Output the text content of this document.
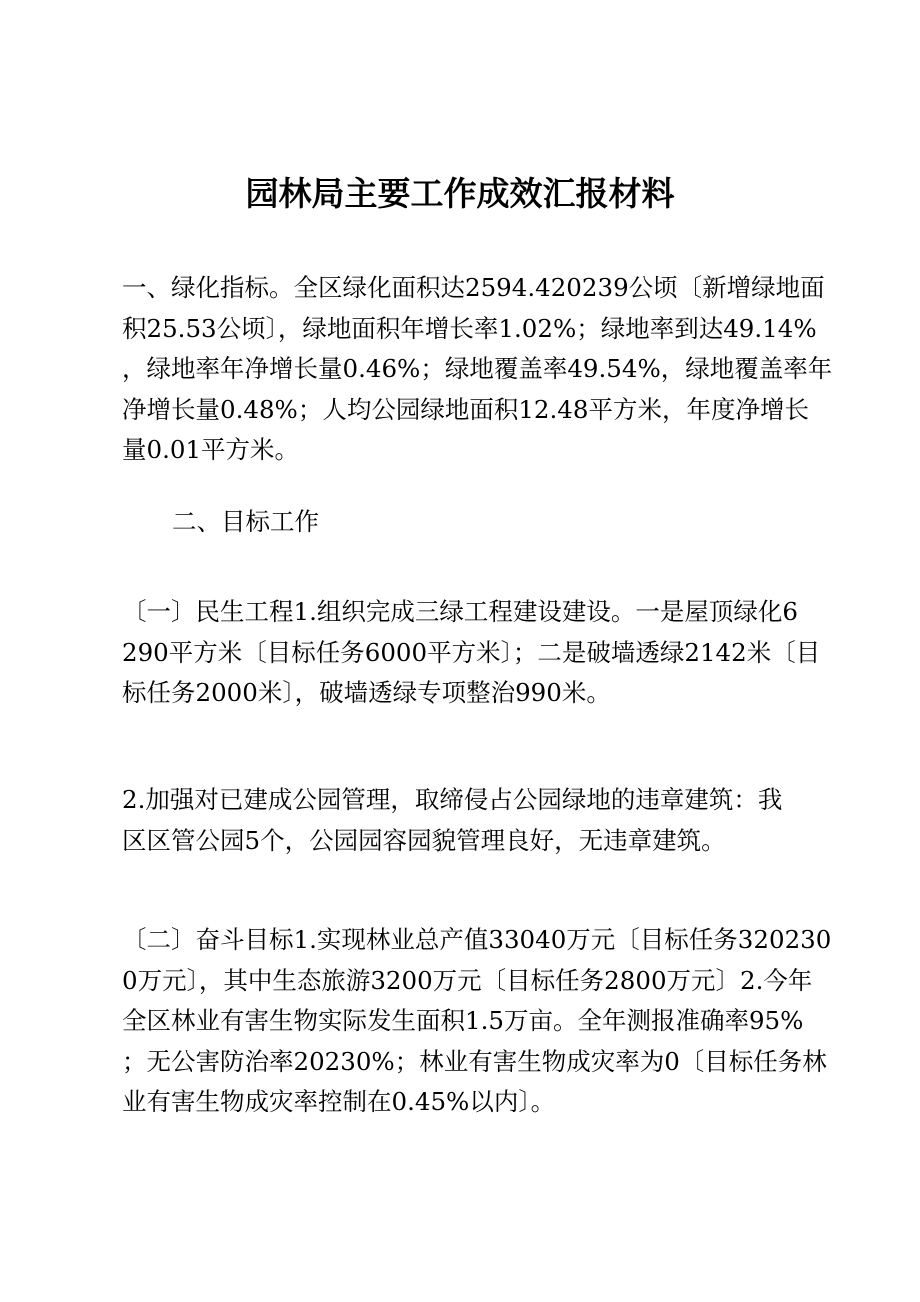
园林局主要工作成效汇报材料
一、绿化指标。全区绿化面积达2594.420239公顷〔新增绿地面
积25.53公顷〕，绿地面积年增长率1.02%；绿地率到达49.14%
，绿地率年净增长量0.46%；绿地覆盖率49.54%，绿地覆盖率年
净增长量0.48%；人均公园绿地面积12.48平方米，年度净增长
量0.01平方米。
二、目标工作
〔一〕民生工程1.组织完成三绿工程建设建设。一是屋顶绿化6
290平方米〔目标任务6000平方米〕；二是破墙透绿2142米〔目
标任务2000米〕，破墙透绿专项整治990米。
2.加强对已建成公园管理，取缔侵占公园绿地的违章建筑：我
区区管公园5个，公园园容园貌管理良好，无违章建筑。
〔二〕奋斗目标1.实现林业总产值33040万元〔目标任务320230
0万元〕，其中生态旅游3200万元〔目标任务2800万元〕2.今年
全区林业有害生物实际发生面积1.5万亩。全年测报准确率95%
；无公害防治率20230%；林业有害生物成灾率为0〔目标任务林
业有害生物成灾率控制在0.45%以内〕。
